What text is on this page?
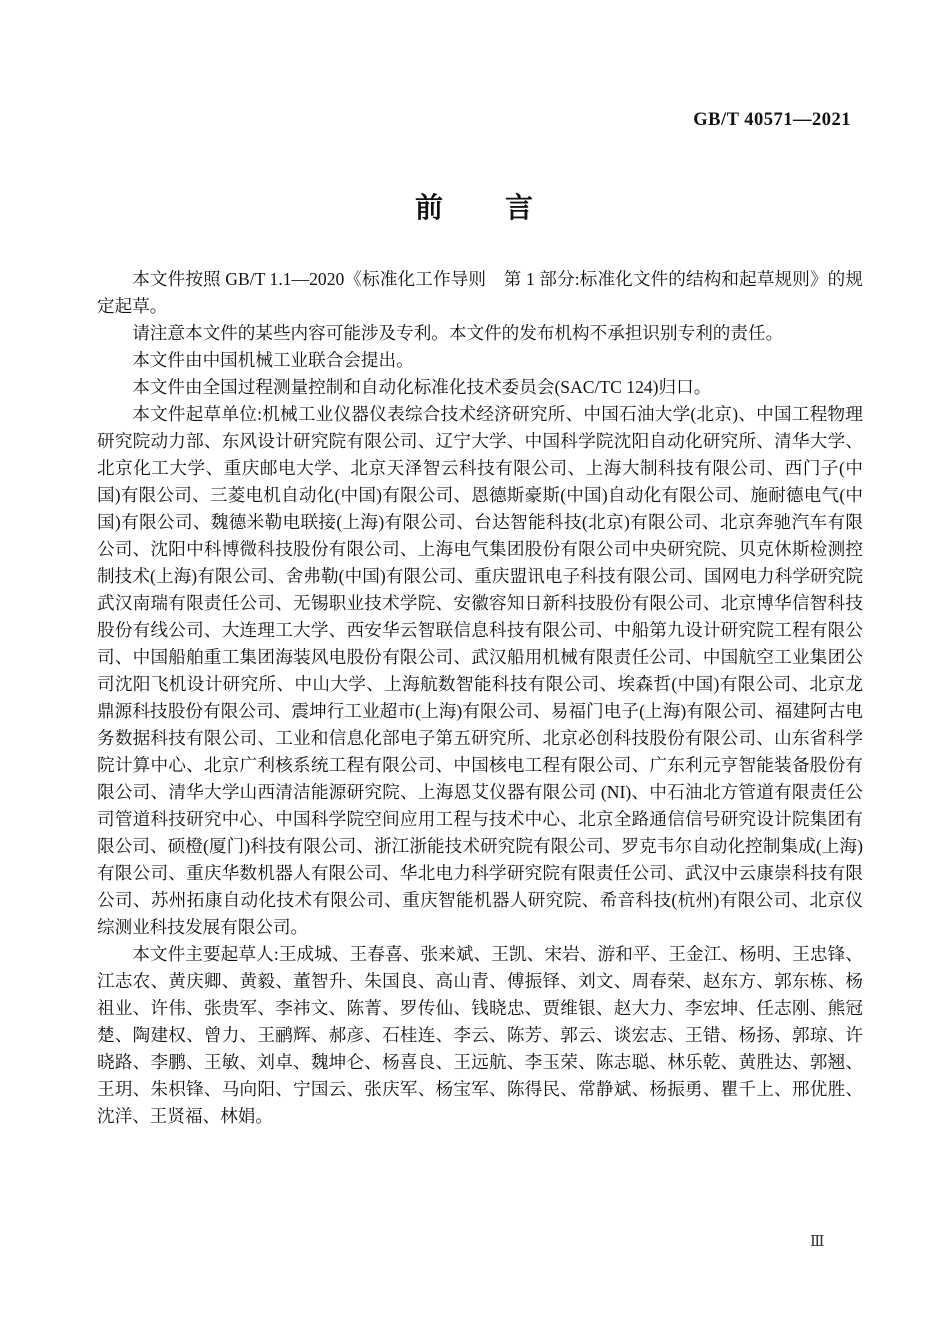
GB/T 40571—2021
前　　言

本文件按照 GB/T 1.1—2020《标准化工作导则　第 1 部分:标准化文件的结构和起草规则》的规定起草。

请注意本文件的某些内容可能涉及专利。本文件的发布机构不承担识别专利的责任。

本文件由中国机械工业联合会提出。

本文件由全国过程测量控制和自动化标准化技术委员会(SAC/TC 124)归口。

本文件起草单位:机械工业仪器仪表综合技术经济研究所、中国石油大学(北京)、中国工程物理研究院动力部、东风设计研究院有限公司、辽宁大学、中国科学院沈阳自动化研究所、清华大学、北京化工大学、重庆邮电大学、北京天泽智云科技有限公司、上海大制科技有限公司、西门子(中国)有限公司、三菱电机自动化(中国)有限公司、恩德斯豪斯(中国)自动化有限公司、施耐德电气(中国)有限公司、魏德米勒电联接(上海)有限公司、台达智能科技(北京)有限公司、北京奔驰汽车有限公司、沈阳中科博微科技股份有限公司、上海电气集团股份有限公司中央研究院、贝克休斯检测控制技术(上海)有限公司、舍弗勒(中国)有限公司、重庆盟讯电子科技有限公司、国网电力科学研究院武汉南瑞有限责任公司、无锡职业技术学院、安徽容知日新科技股份有限公司、北京博华信智科技股份有线公司、大连理工大学、西安华云智联信息科技有限公司、中船第九设计研究院工程有限公司、中国船舶重工集团海装风电股份有限公司、武汉船用机械有限责任公司、中国航空工业集团公司沈阳飞机设计研究所、中山大学、上海航数智能科技有限公司、埃森哲(中国)有限公司、北京龙鼎源科技股份有限公司、震坤行工业超市(上海)有限公司、易福门电子(上海)有限公司、福建阿古电务数据科技有限公司、工业和信息化部电子第五研究所、北京必创科技股份有限公司、山东省科学院计算中心、北京广利核系统工程有限公司、中国核电工程有限公司、广东利元亨智能装备股份有限公司、清华大学山西清洁能源研究院、上海恩艾仪器有限公司 (NI)、中石油北方管道有限责任公司管道科技研究中心、中国科学院空间应用工程与技术中心、北京全路通信信号研究设计院集团有限公司、硕橙(厦门)科技有限公司、浙江浙能技术研究院有限公司、罗克韦尔自动化控制集成(上海)有限公司、重庆华数机器人有限公司、华北电力科学研究院有限责任公司、武汉中云康崇科技有限公司、苏州拓康自动化技术有限公司、重庆智能机器人研究院、希音科技(杭州)有限公司、北京仪综测业科技发展有限公司。

本文件主要起草人:王成城、王春喜、张来斌、王凯、宋岩、游和平、王金江、杨明、王忠锋、江志农、黄庆卿、黄毅、董智升、朱国良、高山青、傅振铎、刘文、周春荣、赵东方、郭东栋、杨祖业、许伟、张贵军、李祎文、陈菁、罗传仙、钱晓忠、贾维银、赵大力、李宏坤、任志刚、熊冠楚、陶建权、曾力、王鹂辉、郝彦、石桂连、李云、陈芳、郭云、谈宏志、王错、杨扬、郭琼、许晓路、李鹏、王敏、刘卓、魏坤仑、杨喜良、王远航、李玉荣、陈志聪、林乐乾、黄胜达、郭翘、王玥、朱枳锋、马向阳、宁国云、张庆军、杨宝军、陈得民、常静斌、杨振勇、瞿千上、邢优胜、沈洋、王贤福、林娟。

Ⅲ
